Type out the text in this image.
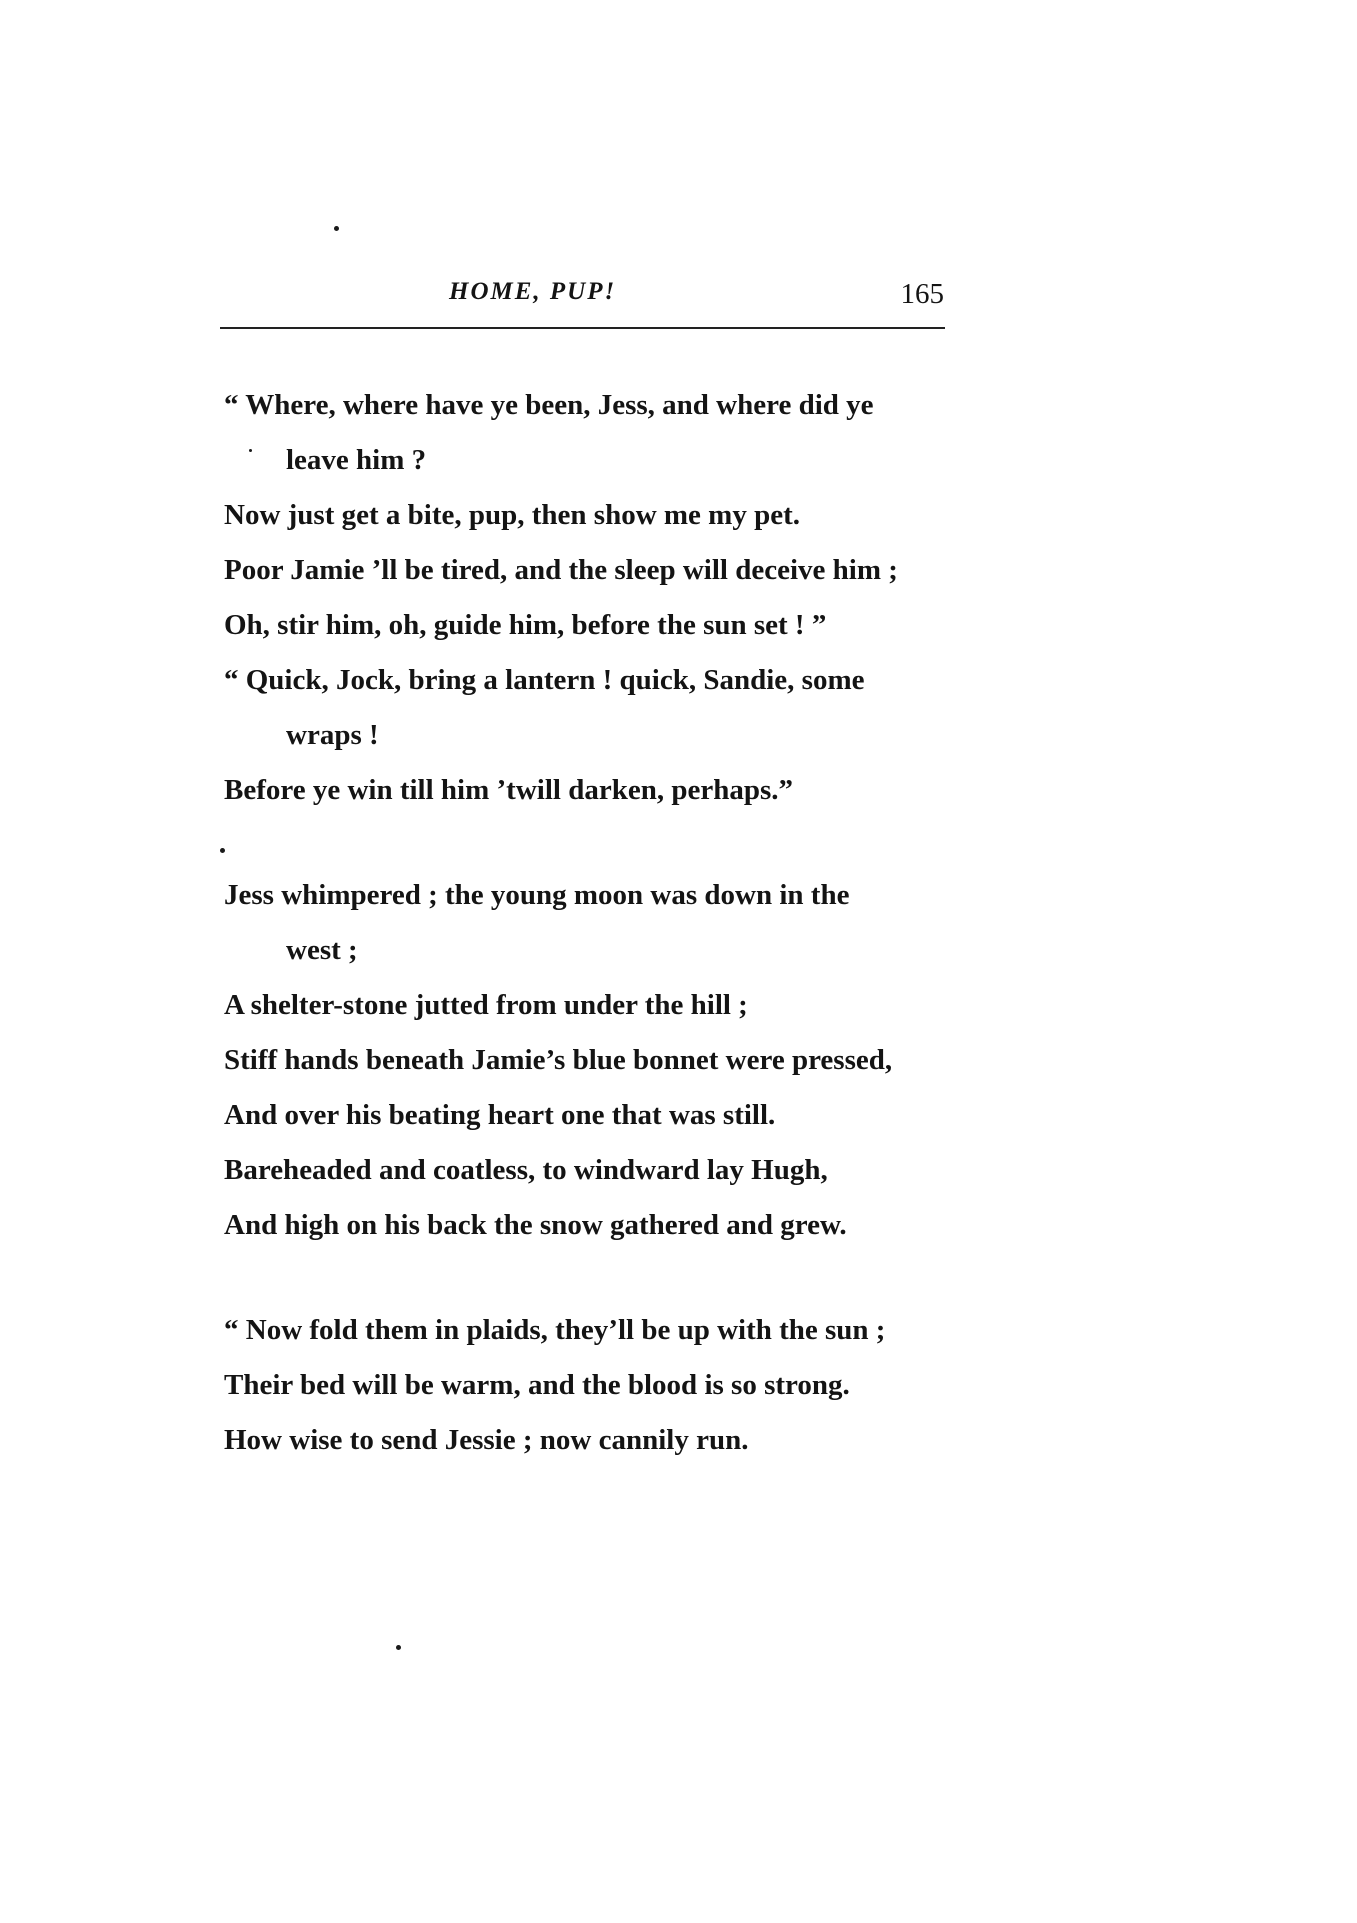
HOME, PUP!	165
“ Where, where have ye been, Jess, and where did ye
leave him ?
Now just get a bite, pup, then show me my pet.
Poor Jamie ’ll be tired, and the sleep will deceive him ;
Oh, stir him, oh, guide him, before the sun set ! ”
“ Quick, Jock, bring a lantern ! quick, Sandie, some
wraps !
Before ye win till him ’twill darken, perhaps.”
Jess whimpered ; the young moon was down in the
west ;
A shelter-stone jutted from under the hill ;
Stiff hands beneath Jamie’s blue bonnet were pressed,
And over his beating heart one that was still.
Bareheaded and coatless, to windward lay Hugh,
And high on his back the snow gathered and grew.
“ Now fold them in plaids, they’ll be up with the sun ;
Their bed will be warm, and the blood is so strong.
How wise to send Jessie ; now cannily run.
